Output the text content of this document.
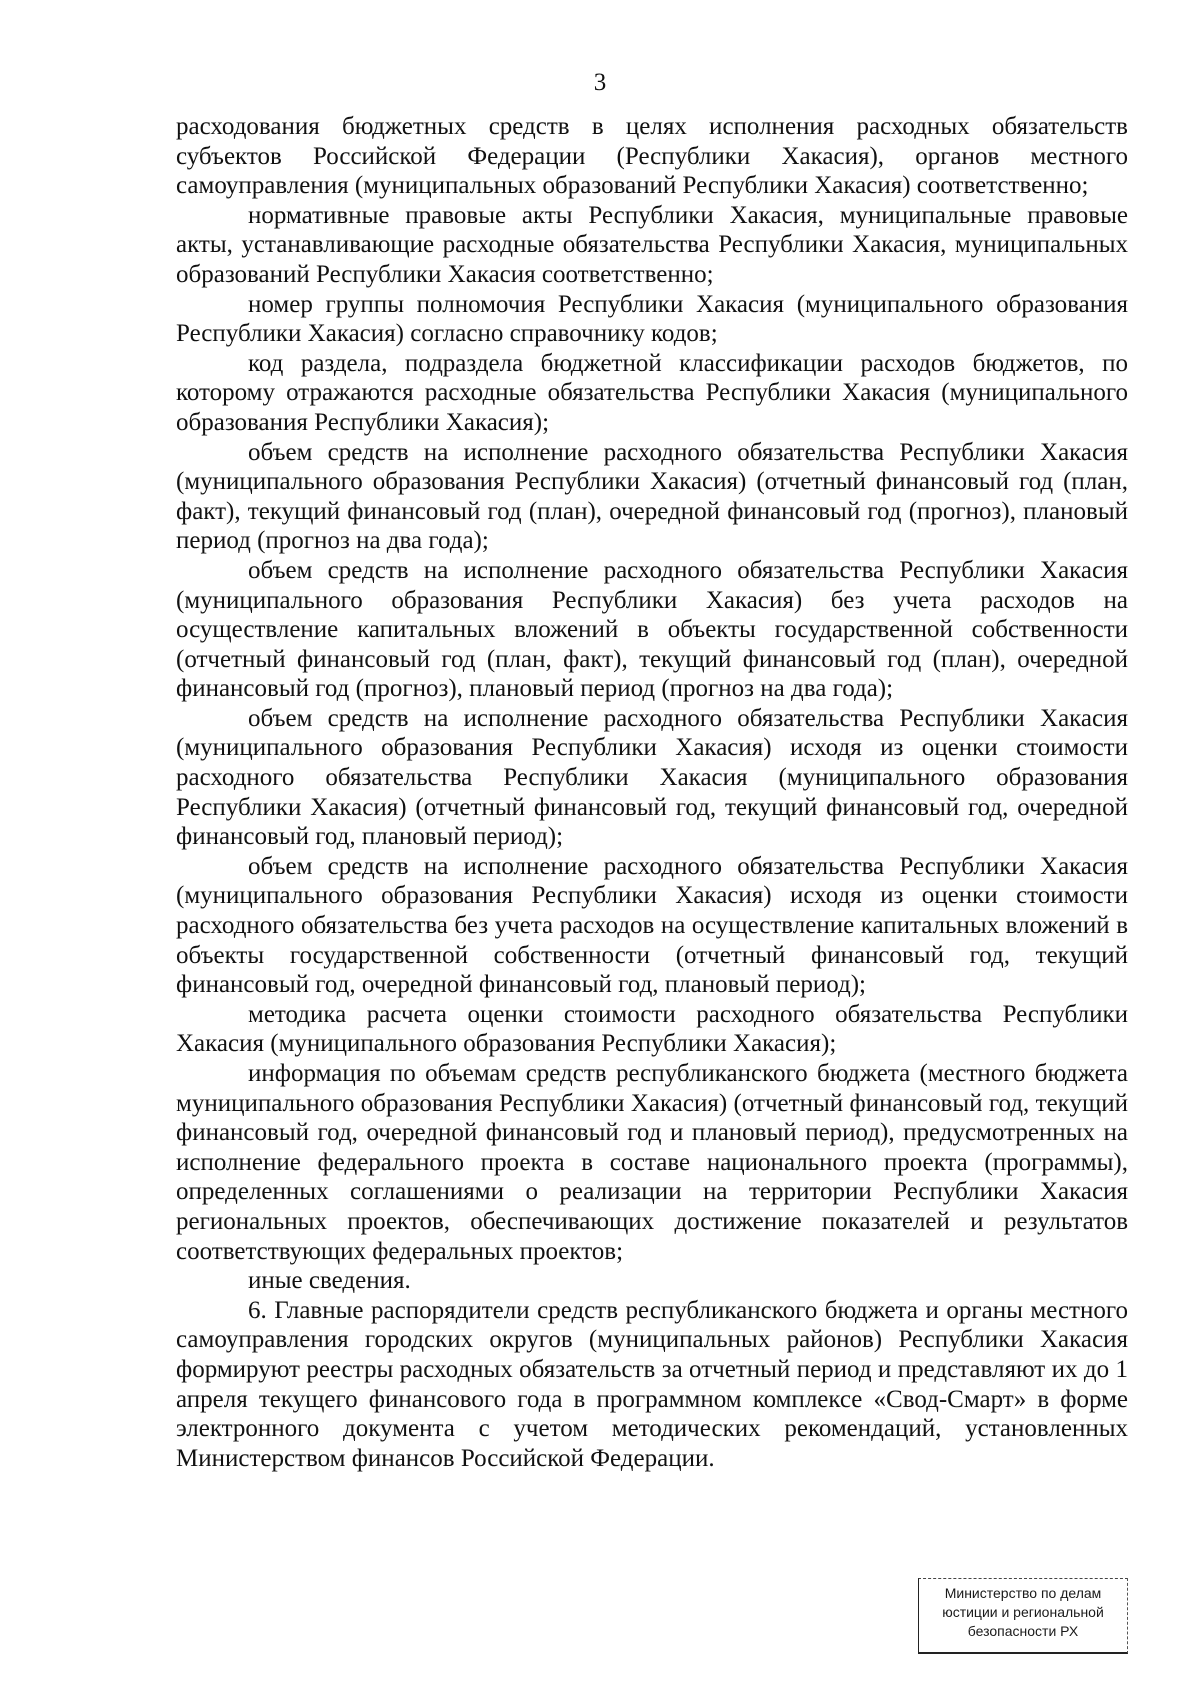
3

расходования бюджетных средств в целях исполнения расходных обязательств субъектов Российской Федерации (Республики Хакасия), органов местного самоуправления (муниципальных образований Республики Хакасия) соответственно;

нормативные правовые акты Республики Хакасия, муниципальные правовые акты, устанавливающие расходные обязательства Республики Хакасия, муниципальных образований Республики Хакасия соответственно;

номер группы полномочия Республики Хакасия (муниципального образования Республики Хакасия) согласно справочнику кодов;

код раздела, подраздела бюджетной классификации расходов бюджетов, по которому отражаются расходные обязательства Республики Хакасия (муниципального образования Республики Хакасия);

объем средств на исполнение расходного обязательства Республики Хакасия (муниципального образования Республики Хакасия) (отчетный финансовый год (план, факт), текущий финансовый год (план), очередной финансовый год (прогноз), плановый период (прогноз на два года);

объем средств на исполнение расходного обязательства Республики Хакасия (муниципального образования Республики Хакасия) без учета расходов на осуществление капитальных вложений в объекты государственной собственности (отчетный финансовый год (план, факт), текущий финансовый год (план), очередной финансовый год (прогноз), плановый период (прогноз на два года);

объем средств на исполнение расходного обязательства Республики Хакасия (муниципального образования Республики Хакасия) исходя из оценки стоимости расходного обязательства Республики Хакасия (муниципального образования Республики Хакасия) (отчетный финансовый год, текущий финансовый год, очередной финансовый год, плановый период);

объем средств на исполнение расходного обязательства Республики Хакасия (муниципального образования Республики Хакасия) исходя из оценки стоимости расходного обязательства без учета расходов на осуществление капитальных вложений в объекты государственной собственности (отчетный финансовый год, текущий финансовый год, очередной финансовый год, плановый период);

методика расчета оценки стоимости расходного обязательства Республики Хакасия (муниципального образования Республики Хакасия);

информация по объемам средств республиканского бюджета (местного бюджета муниципального образования Республики Хакасия) (отчетный финансовый год, текущий финансовый год, очередной финансовый год и плановый период), предусмотренных на исполнение федерального проекта в составе национального проекта (программы), определенных соглашениями о реализации на территории Республики Хакасия региональных проектов, обеспечивающих достижение показателей и результатов соответствующих федеральных проектов;

иные сведения.

6. Главные распорядители средств республиканского бюджета и органы местного самоуправления городских округов (муниципальных районов) Республики Хакасия формируют реестры расходных обязательств за отчетный период и представляют их до 1 апреля текущего финансового года в программном комплексе «Свод-Смарт» в форме электронного документа с учетом методических рекомендаций, установленных Министерством финансов Российской Федерации.

Министерство по делам
юстиции и региональной
безопасности РХ
